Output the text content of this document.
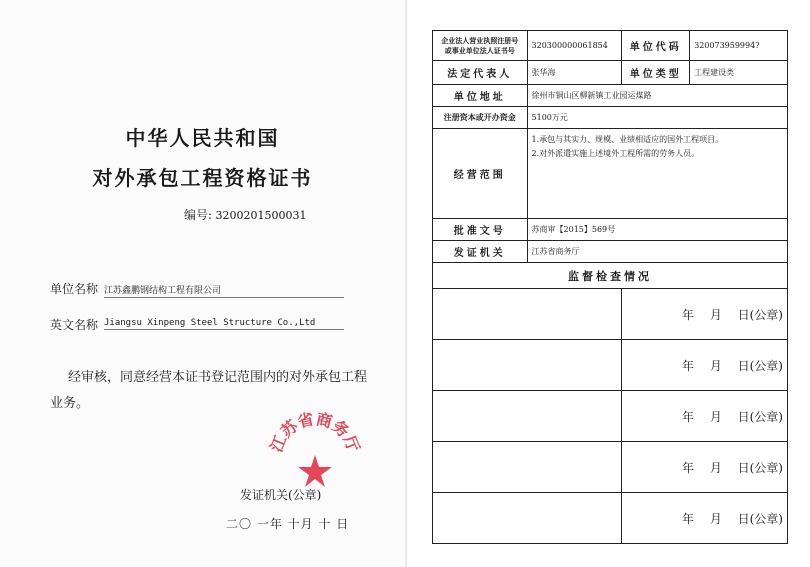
中华人民共和国
对外承包工程资格证书
编号: 3200201500031
单位名称 江苏鑫鹏钢结构工程有限公司
英文名称 Jiangsu Xinpeng Steel Structure Co.,Ltd
经审核，同意经营本证书登记范围内的对外承包工程
业务。
江苏省商务厅
发证机关(公章)
二〇 一年 十月 十 日
企业法人营业执照注册号
或事业单位法人证书号	320300000061854	单位代码	320073959994?
法定代表人	张华海	单位类型	工程建设类
单位地址	徐州市铜山区柳新镇工业园运煤路		
注册资本或开办资金	5100万元		
经营范围	1.承包与其实力、规模、业绩相适应的国外工程项目。
2.对外派遣实施上述境外工程所需的劳务人员。		

批准文号	苏商审【2015】569号		
发证机关	江苏省商务厅		
监督检查情况			
		年　 月　 日(公章)	
		年　 月　 日(公章)	
		年　 月　 日(公章)	
		年　 月　 日(公章)	
		年　 月　 日(公章)	
